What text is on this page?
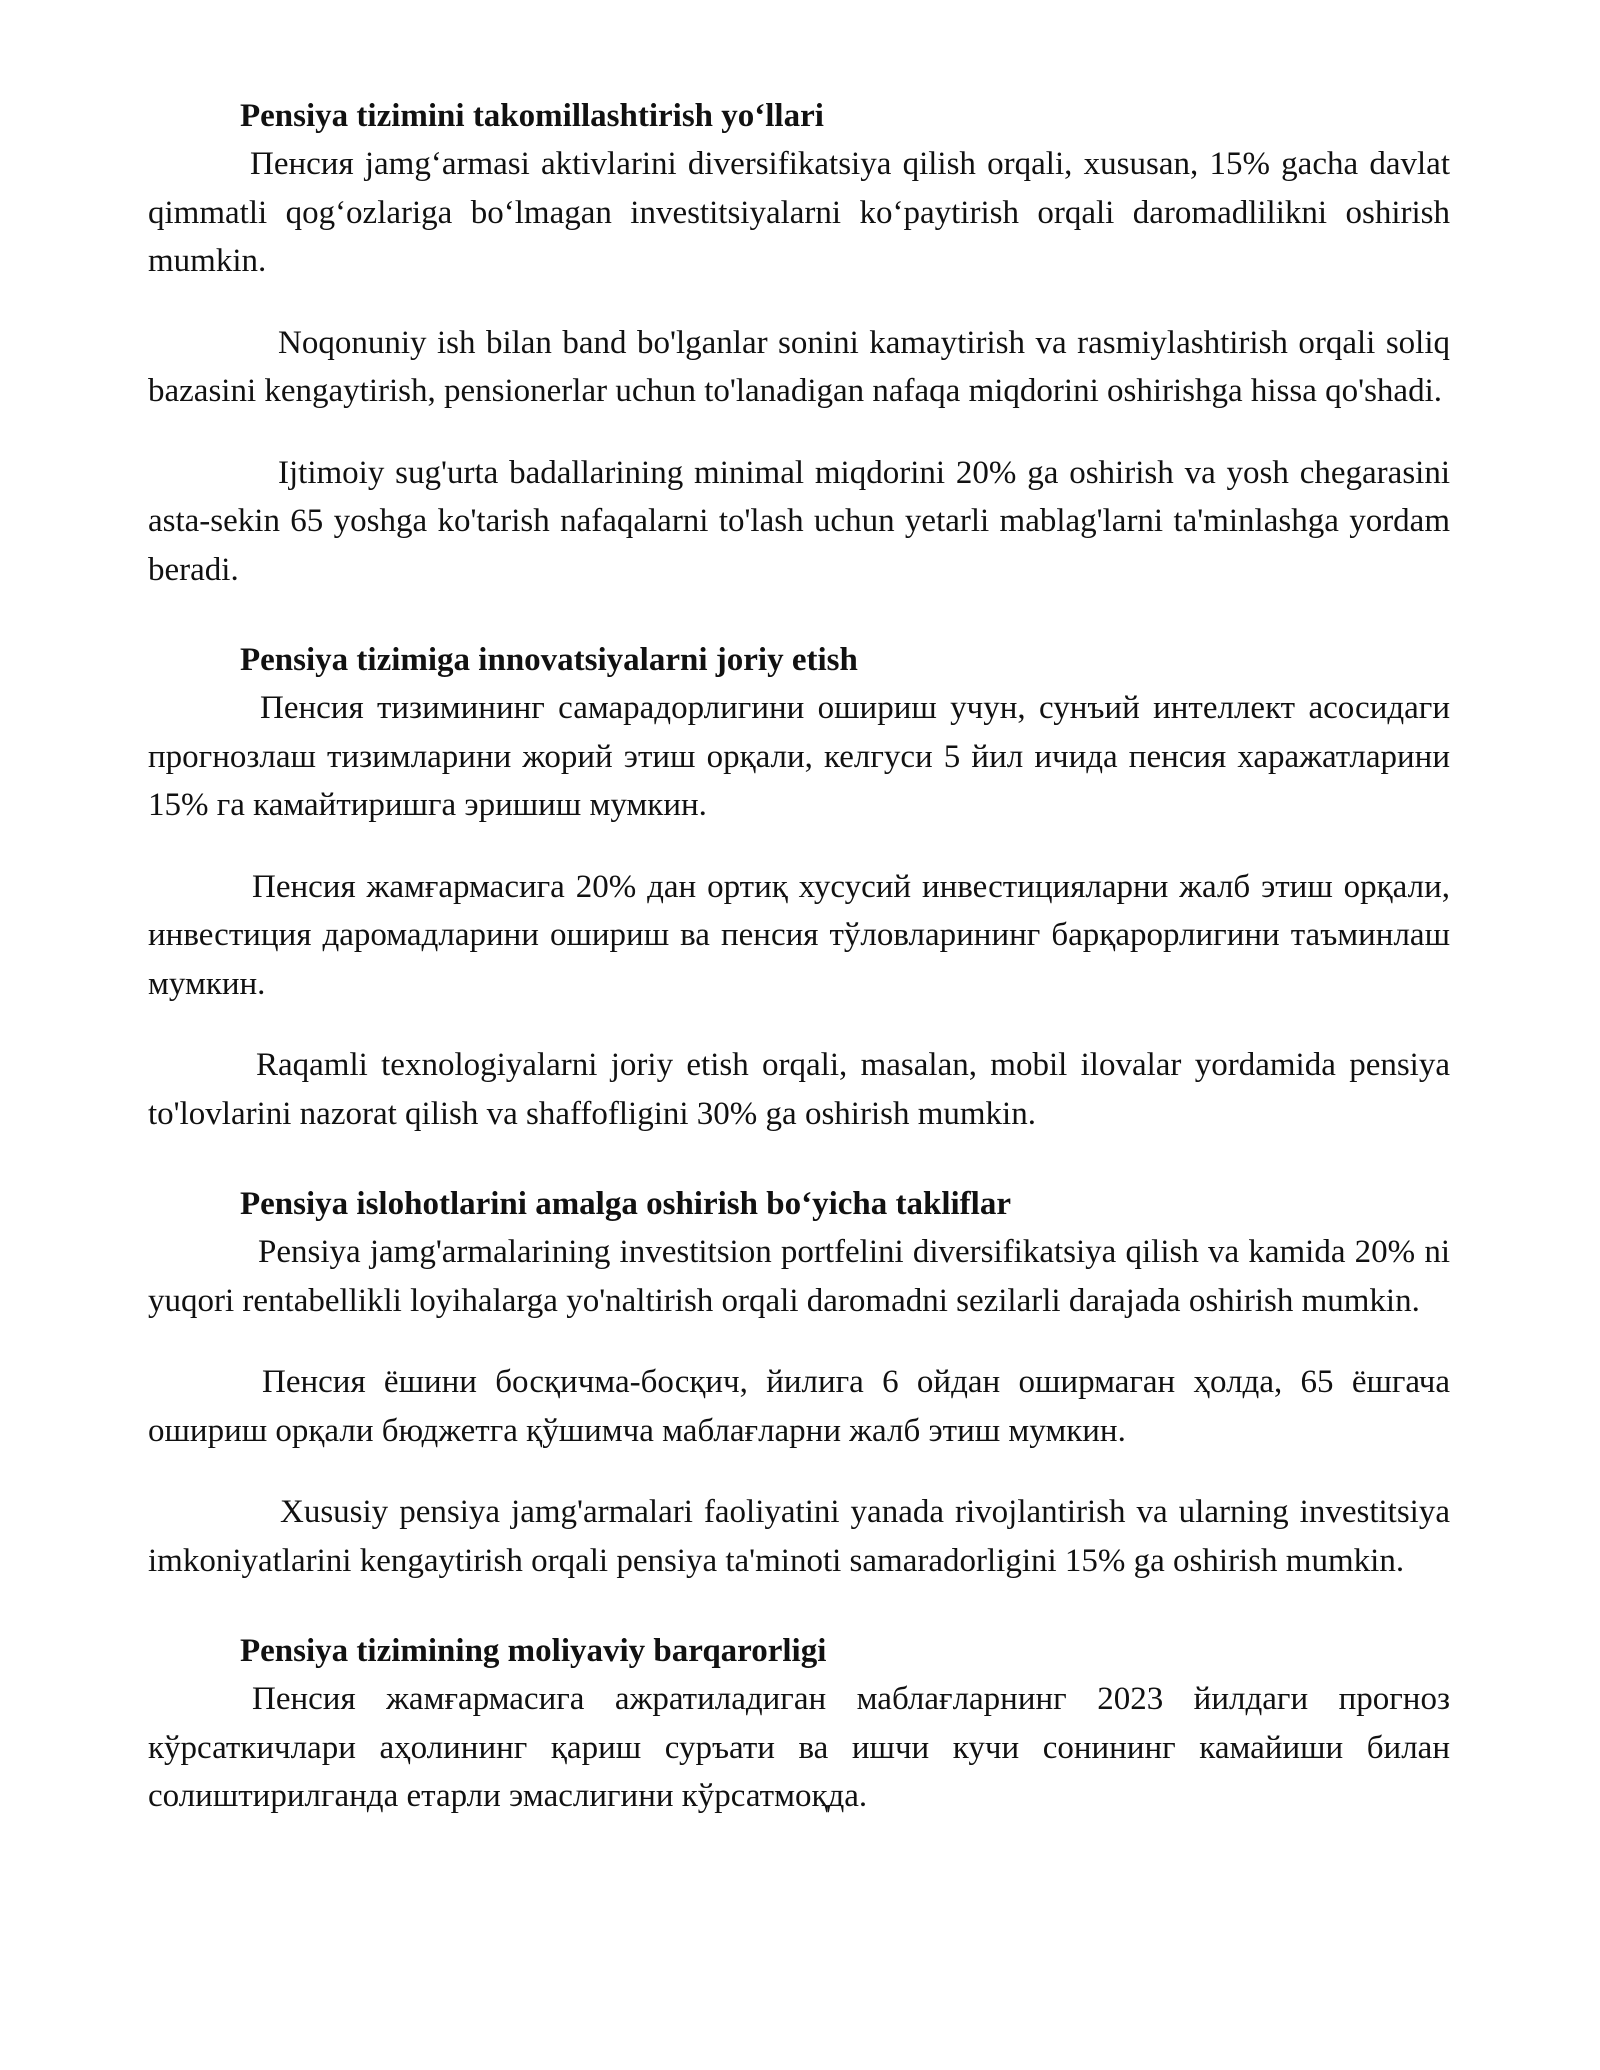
Pensiya tizimini takomillashtirish yo‘llari

Пенсия jamg‘armasi aktivlarini diversifikatsiya qilish orqali, xususan, 15% gacha davlat qimmatli qog‘ozlariga bo‘lmagan investitsiyalarni ko‘paytirish orqali daromadlilikni oshirish mumkin.

Noqonuniy ish bilan band bo'lganlar sonini kamaytirish va rasmiylashtirish orqali soliq bazasini kengaytirish, pensionerlar uchun to'lanadigan nafaqa miqdorini oshirishga hissa qo'shadi.

Ijtimoiy sug'urta badallarining minimal miqdorini 20% ga oshirish va yosh chegarasini asta-sekin 65 yoshga ko'tarish nafaqalarni to'lash uchun yetarli mablag'larni ta'minlashga yordam beradi.

Pensiya tizimiga innovatsiyalarni joriy etish

Пенсия тизимининг самарадорлигини ошириш учун, сунъий интеллект асосидаги прогнозлаш тизимларини жорий этиш орқали, келгуси 5 йил ичида пенсия харажатларини 15% га камайтиришга эришиш мумкин.

Пенсия жамғармасига 20% дан ортиқ хусусий инвестицияларни жалб этиш орқали, инвестиция даромадларини ошириш ва пенсия тўловларининг барқарорлигини таъминлаш мумкин.

Raqamli texnologiyalarni joriy etish orqali, masalan, mobil ilovalar yordamida pensiya to'lovlarini nazorat qilish va shaffofligini 30% ga oshirish mumkin.

Pensiya islohotlarini amalga oshirish bo‘yicha takliflar

Pensiya jamg'armalarining investitsion portfelini diversifikatsiya qilish va kamida 20% ni yuqori rentabellikli loyihalarga yo'naltirish orqali daromadni sezilarli darajada oshirish mumkin.

Пенсия ёшини босқичма-босқич, йилига 6 ойдан оширмаган ҳолда, 65 ёшгача ошириш орқали бюджетга қўшимча маблағларни жалб этиш мумкин.

Xususiy pensiya jamg'armalari faoliyatini yanada rivojlantirish va ularning investitsiya imkoniyatlarini kengaytirish orqali pensiya ta'minoti samaradorligini 15% ga oshirish mumkin.

Pensiya tizimining moliyaviy barqarorligi

Пенсия жамғармасига ажратиладиган маблағларнинг 2023 йилдаги прогноз кўрсаткичлари аҳолининг қариш суръати ва ишчи кучи сонининг камайиши билан солиштирилганда етарли эмаслигини кўрсатмоқда.
